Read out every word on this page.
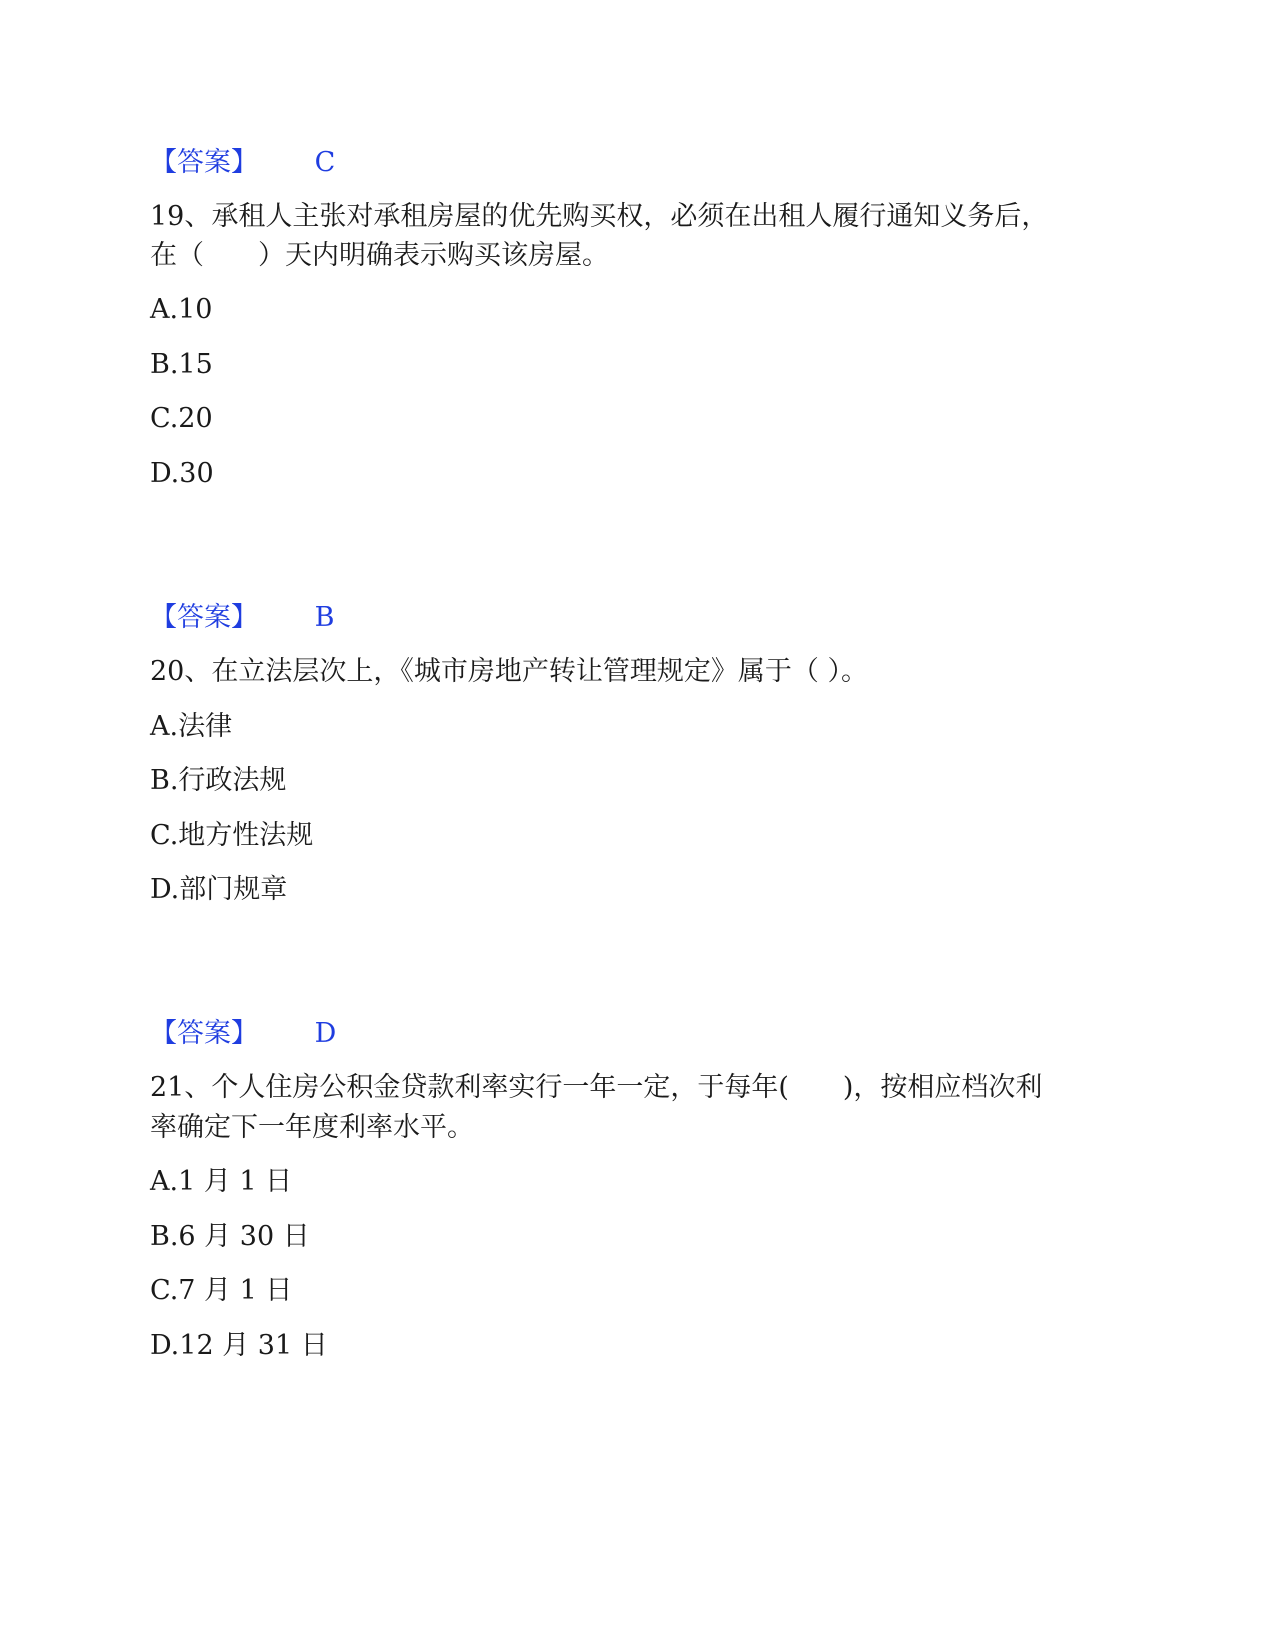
【答案】 C
19、承租人主张对承租房屋的优先购买权，必须在出租人履行通知义务后，
在（　　）天内明确表示购买该房屋。
A.10
B.15
C.20
D.30
【答案】 B
20、在立法层次上，《城市房地产转让管理规定》属于（ ）。
A.法律
B.行政法规
C.地方性法规
D.部门规章
【答案】 D
21、个人住房公积金贷款利率实行一年一定，于每年(　　)，按相应档次利
率确定下一年度利率水平。
A.1 月 1 日
B.6 月 30 日
C.7 月 1 日
D.12 月 31 日
